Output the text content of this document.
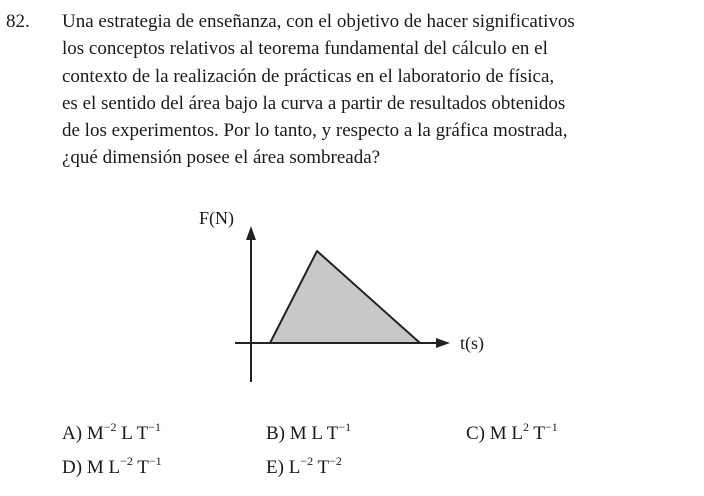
82. Una estrategia de enseñanza, con el objetivo de hacer significativos
los conceptos relativos al teorema fundamental del cálculo en el
contexto de la realización de prácticas en el laboratorio de física,
es el sentido del área bajo la curva a partir de resultados obtenidos
de los experimentos. Por lo tanto, y respecto a la gráfica mostrada,
¿qué dimensión posee el área sombreada?
F(N)
t(s)
A) $M^{-2}$ L $T^{-1}$	B) M L $T^{-1}$	C) M $L^2$ $T^{-1}$
D) M $L^{-2}$ $T^{-1}$	E) $L^{-2}$ $T^{-2}$
